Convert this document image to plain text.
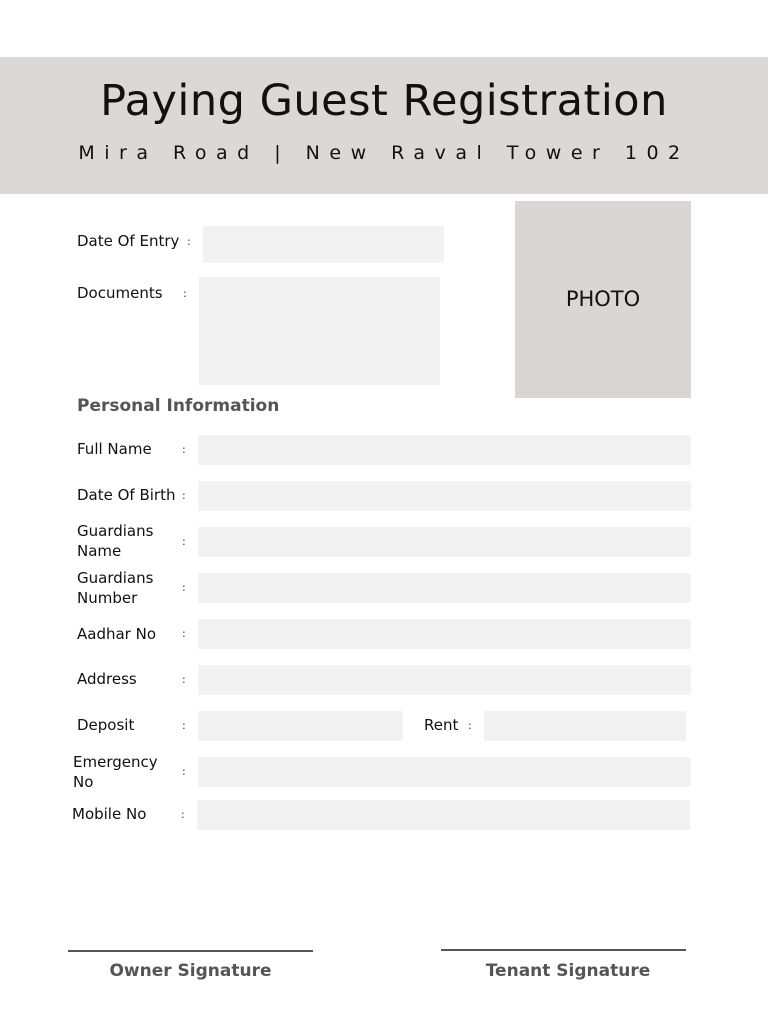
Paying Guest Registration
Mira Road | New Raval Tower 102
PHOTO
Date Of Entry :
Documents :
Personal Information
Full Name	:
Date Of Birth :
Guardians
Name
:
Guardians
Number
:
Aadhar No :
Address	:
Deposit	:	Rent :
Emergency
No
:
Mobile No	:
Owner Signature	Tenant Signature
